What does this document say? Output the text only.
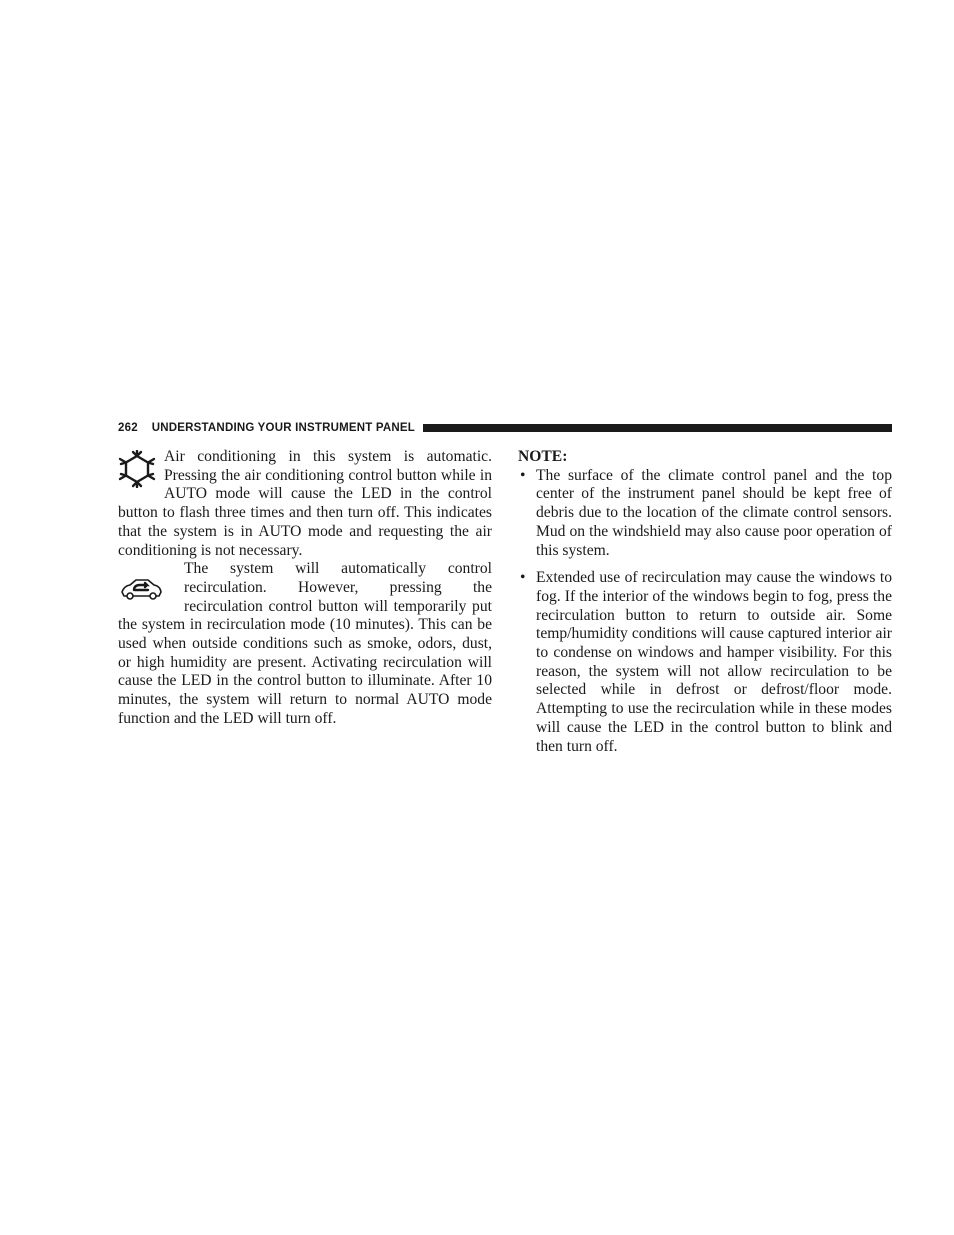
262 UNDERSTANDING YOUR INSTRUMENT PANEL

Air conditioning in this system is automatic. Pressing the air conditioning control button while in AUTO mode will cause the LED in the control button to flash three times and then turn off. This indicates that the system is in AUTO mode and requesting the air conditioning is not necessary.

The system will automatically control recirculation. However, pressing the recirculation control button will temporarily put the system in recirculation mode (10 minutes). This can be used when outside conditions such as smoke, odors, dust, or high humidity are present. Activating recirculation will cause the LED in the control button to illuminate. After 10 minutes, the system will return to normal AUTO mode function and the LED will turn off.

NOTE:

• The surface of the climate control panel and the top center of the instrument panel should be kept free of debris due to the location of the climate control sensors. Mud on the windshield may also cause poor operation of this system.
• Extended use of recirculation may cause the windows to fog. If the interior of the windows begin to fog, press the recirculation button to return to outside air. Some temp/humidity conditions will cause captured interior air to condense on windows and hamper visibility. For this reason, the system will not allow recirculation to be selected while in defrost or defrost/floor mode. Attempting to use the recirculation while in these modes will cause the LED in the control button to blink and then turn off.
